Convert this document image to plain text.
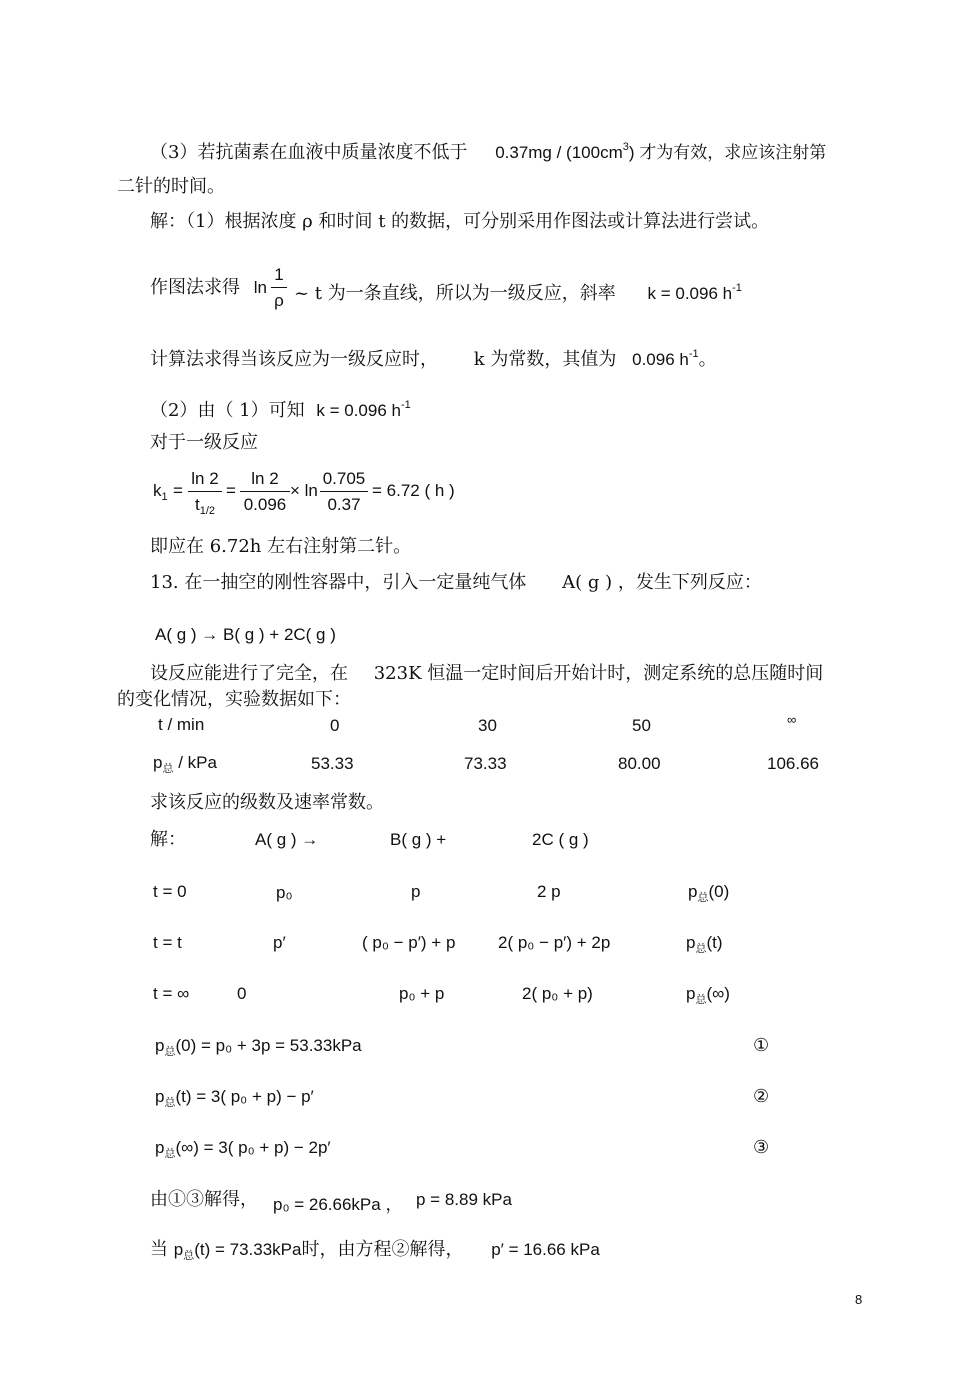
（3）若抗菌素在血液中质量浓度不低于 $0.37mg / (100cm^3)$ 才为有效，求应该注射第
二针的时间。
解：（1）根据浓度 ρ 和时间 t 的数据，可分别采用作图法或计算法进行尝试。
作图法求得 ln
1
ρ ~ t 为一条直线，所以为一级反应，斜率 k = 0.096 $h^{-1}$
计算法求得当该反应为一级反应时， k 为常数，其值为 0.096 $h^{-1}$。
（2）由（ 1）可知 k = 0.096 $h^{-1}$
对于一级反应
$k_1$ =
ln 2
$t_{1/2}$
=
ln 2
0.096
× ln
0.705
0.37
= 6.72 ( h )
即应在 6.72h 左右注射第二针。
13. 在一抽空的刚性容器中，引入一定量纯气体 A( g ) ，发生下列反应：
A( g ) → B( g ) + 2C( g )
设反应能进行了完全，在 323K 恒温一定时间后开始计时，测定系统的总压随时间
的变化情况，实验数据如下：
t / min	0	30	50	∞
$p_总$ / kPa	53.33	73.33	80.00	106.66
求该反应的级数及速率常数。
解：	A( g ) →	B( g ) +	2C ( g )
t = 0	p₀	p	2 p	$p_总(0)$
t = t	p′	( p₀ − p′) + p	2( p₀ − p′) + 2p	$p_总(t)$
t = ∞	0	p₀ + p	2( p₀ + p)	$p_总(\infty)$
$p_总(0) = p_0 + 3p = 53.33kPa$	①
$p_总(t) = 3$( p₀ + p) − p′	②
$p_总(\infty) = 3$( p₀ + p) − 2p′	③
由①③解得， p₀ = 26.66kPa ， p = 8.89 kPa
当 $p_总(t) = 73.33kPa$时，由方程②解得， p′ = 16.66 kPa
8
